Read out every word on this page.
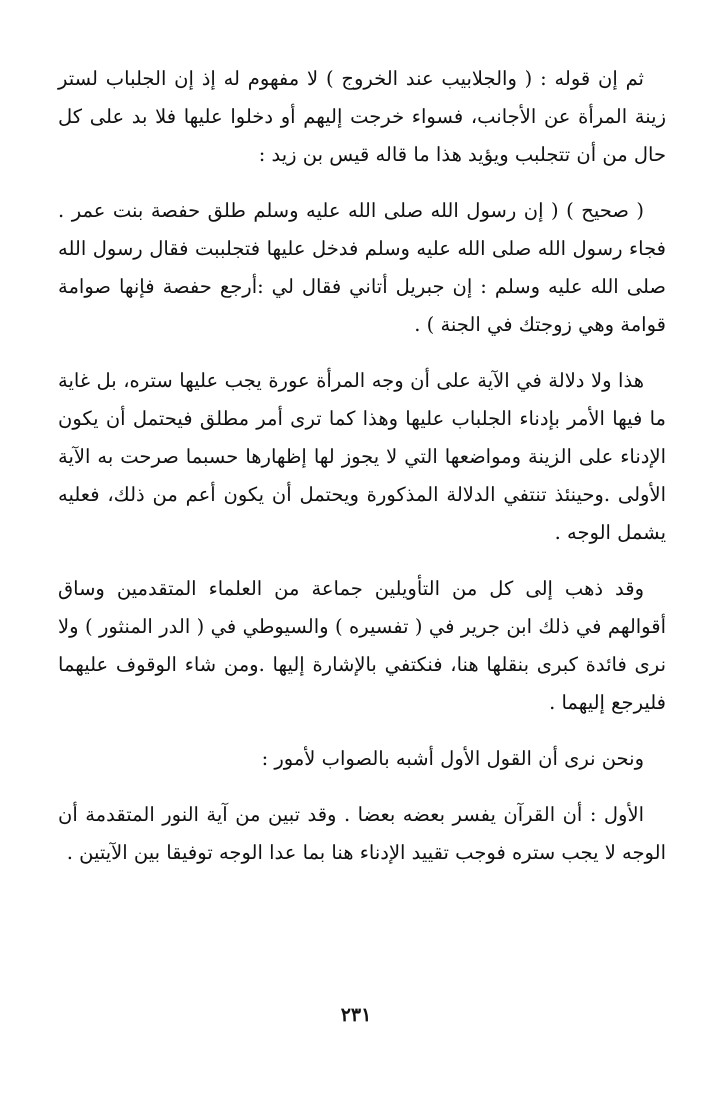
ثم إن قوله : ( والجلابيب عند الخروج ) لا مفهوم له إذ إن الجلباب لستر زينة المرأة عن الأجانب، فسواء خرجت إليهم أو دخلوا عليها فلا بد على كل حال من أن تتجلبب ويؤيد هذا ما قاله قيس بن زيد :

( صحيح ) ( إن رسول الله صلى الله عليه وسلم طلق حفصة بنت عمر . فجاء رسول الله صلى الله عليه وسلم فدخل عليها فتجلببت فقال رسول الله صلى الله عليه وسلم : إن جبريل أتاني فقال لي :أرجع حفصة فإنها صوامة قوامة وهي زوجتك في الجنة ) .

هذا ولا دلالة في الآية على أن وجه المرأة عورة يجب عليها ستره، بل غاية ما فيها الأمر بإدناء الجلباب عليها وهذا كما ترى أمر مطلق فيحتمل أن يكون الإدناء على الزينة ومواضعها التي لا يجوز لها إظهارها حسبما صرحت به الآية الأولى .وحينئذ تنتفي الدلالة المذكورة ويحتمل أن يكون أعم من ذلك، فعليه يشمل الوجه .

وقد ذهب إلى كل من التأويلين جماعة من العلماء المتقدمين وساق أقوالهم في ذلك ابن جرير في ( تفسيره ) والسيوطي في ( الدر المنثور ) ولا نرى فائدة كبرى بنقلها هنا، فنكتفي بالإشارة إليها .ومن شاء الوقوف عليهما فليرجع إليهما .

ونحن نرى أن القول الأول أشبه بالصواب لأمور :

الأول : أن القرآن يفسر بعضه بعضا . وقد تبين من آية النور المتقدمة أن الوجه لا يجب ستره فوجب تقييد الإدناء هنا بما عدا الوجه توفيقا بين الآيتين .

٢٣١
